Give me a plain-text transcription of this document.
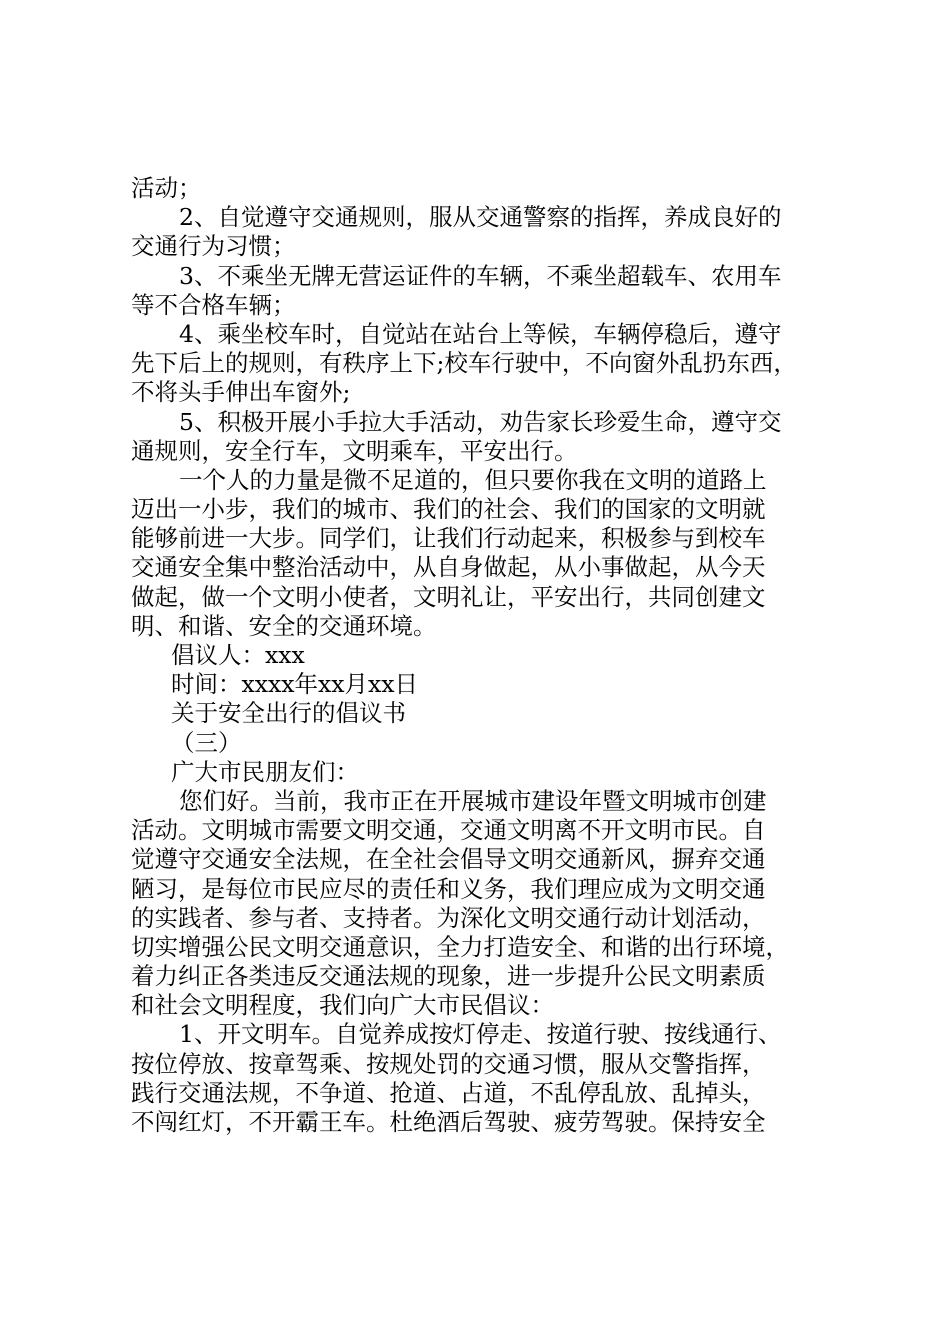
活动；
2、自觉遵守交通规则，服从交通警察的指挥，养成良好的
交通行为习惯；
3、不乘坐无牌无营运证件的车辆，不乘坐超载车、农用车
等不合格车辆；
4、乘坐校车时，自觉站在站台上等候，车辆停稳后，遵守
先下后上的规则，有秩序上下;校车行驶中，不向窗外乱扔东西，
不将头手伸出车窗外;
5、积极开展小手拉大手活动，劝告家长珍爱生命，遵守交
通规则，安全行车，文明乘车，平安出行。
一个人的力量是微不足道的，但只要你我在文明的道路上
迈出一小步，我们的城市、我们的社会、我们的国家的文明就
能够前进一大步。同学们，让我们行动起来，积极参与到校车
交通安全集中整治活动中，从自身做起，从小事做起，从今天
做起，做一个文明小使者，文明礼让，平安出行，共同创建文
明、和谐、安全的交通环境。
倡议人：xxx
时间：xxxx年xx月xx日
关于安全出行的倡议书
（三）
广大市民朋友们：
您们好。当前，我市正在开展城市建设年暨文明城市创建
活动。文明城市需要文明交通，交通文明离不开文明市民。自
觉遵守交通安全法规，在全社会倡导文明交通新风，摒弃交通
陋习，是每位市民应尽的责任和义务，我们理应成为文明交通
的实践者、参与者、支持者。为深化文明交通行动计划活动，
切实增强公民文明交通意识，全力打造安全、和谐的出行环境，
着力纠正各类违反交通法规的现象，进一步提升公民文明素质
和社会文明程度，我们向广大市民倡议：
1、开文明车。自觉养成按灯停走、按道行驶、按线通行、
按位停放、按章驾乘、按规处罚的交通习惯，服从交警指挥，
践行交通法规，不争道、抢道、占道，不乱停乱放、乱掉头，
不闯红灯，不开霸王车。杜绝酒后驾驶、疲劳驾驶。保持安全
